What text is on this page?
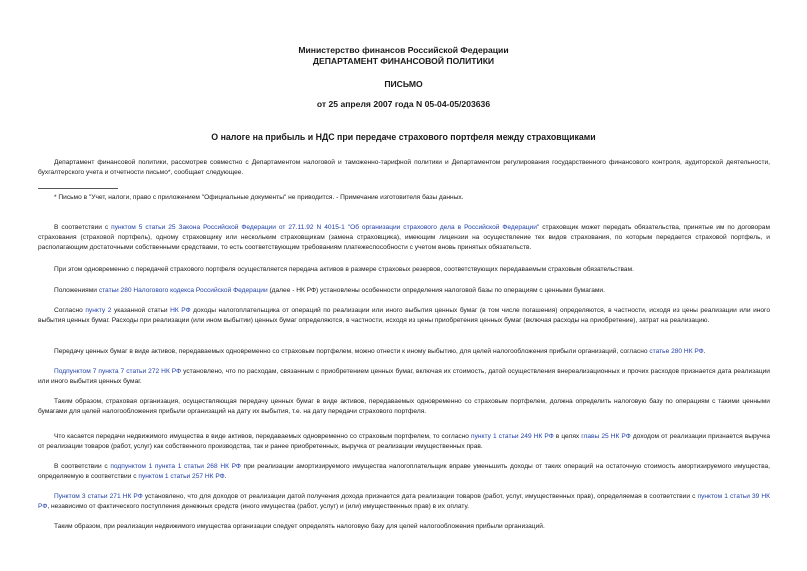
Министерство финансов Российской Федерации
ДЕПАРТАМЕНТ ФИНАНСОВОЙ ПОЛИТИКИ
ПИСЬМО
от 25 апреля 2007 года N 05-04-05/203636
О налоге на прибыль и НДС при передаче страхового портфеля между страховщиками
Департамент финансовой политики, рассмотрев совместно с Департаментом налоговой и таможенно-тарифной политики и Департаментом регулирования государственного финансового контроля, аудиторской деятельности, бухгалтерского учета и отчетности письмо*, сообщает следующее.
* Письмо в "Учет, налоги, право с приложением "Официальные документы" не приводится. - Примечание изготовителя базы данных.
В соответствии с пунктом 5 статьи 25 Закона Российской Федерации от 27.11.92 N 4015-1 "Об организации страхового дела в Российской Федерации" страховщик может передать обязательства, принятые им по договорам страхования (страховой портфель), одному страховщику или нескольким страховщикам (замена страховщика), имеющим лицензии на осуществление тех видов страхования, по которым передается страховой портфель, и располагающим достаточными собственными средствами, то есть соответствующим требованиям платежеспособности с учетом вновь принятых обязательств.
При этом одновременно с передачей страхового портфеля осуществляется передача активов в размере страховых резервов, соответствующих передаваемым страховым обязательствам.
Положениями статьи 280 Налогового кодекса Российской Федерации (далее - НК РФ) установлены особенности определения налоговой базы по операциям с ценными бумагами.
Согласно пункту 2 указанной статьи НК РФ доходы налогоплательщика от операций по реализации или иного выбытия ценных бумаг (в том числе погашения) определяются, в частности, исходя из цены реализации или иного выбытия ценных бумаг. Расходы при реализации (или ином выбытии) ценных бумаг определяются, в частности, исходя из цены приобретения ценных бумаг (включая расходы на приобретение), затрат на реализацию.
Передачу ценных бумаг в виде активов, передаваемых одновременно со страховым портфелем, можно отнести к иному выбытию, для целей налогообложения прибыли организаций, согласно статье 280 НК РФ.
Подпунктом 7 пункта 7 статьи 272 НК РФ установлено, что по расходам, связанным с приобретением ценных бумаг, включая их стоимость, датой осуществления внереализационных и прочих расходов признается дата реализации или иного выбытия ценных бумаг.
Таким образом, страховая организация, осуществляющая передачу ценных бумаг в виде активов, передаваемых одновременно со страховым портфелем, должна определить налоговую базу по операциям с такими ценными бумагами для целей налогообложения прибыли организаций на дату их выбытия, т.е. на дату передачи страхового портфеля.
Что касается передачи недвижимого имущества в виде активов, передаваемых одновременно со страховым портфелем, то согласно пункту 1 статьи 249 НК РФ в целях главы 25 НК РФ доходом от реализации признается выручка от реализации товаров (работ, услуг) как собственного производства, так и ранее приобретенных, выручка от реализации имущественных прав.
В соответствии с подпунктом 1 пункта 1 статьи 268 НК РФ при реализации амортизируемого имущества налогоплательщик вправе уменьшить доходы от таких операций на остаточную стоимость амортизируемого имущества, определяемую в соответствии с пунктом 1 статьи 257 НК РФ.
Пунктом 3 статьи 271 НК РФ установлено, что для доходов от реализации датой получения дохода признается дата реализации товаров (работ, услуг, имущественных прав), определяемая в соответствии с пунктом 1 статьи 39 НК РФ, независимо от фактического поступления денежных средств (иного имущества (работ, услуг) и (или) имущественных прав) в их оплату.
Таким образом, при реализации недвижимого имущества организации следует определять налоговую базу для целей налогообложения прибыли организаций.
